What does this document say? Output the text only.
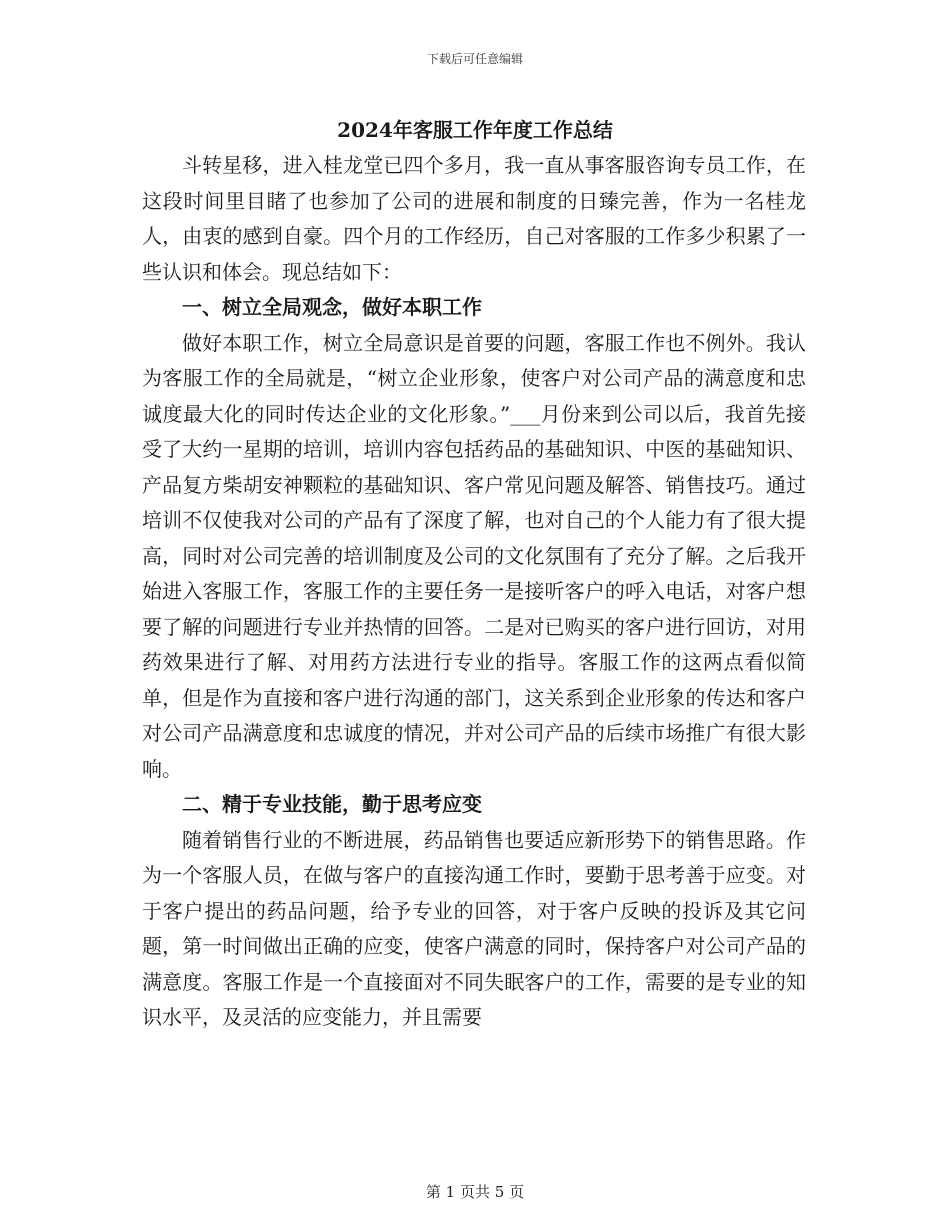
下载后可任意编辑
2024年客服工作年度工作总结

斗转星移，进入桂龙堂已四个多月，我一直从事客服咨询专员工作，在这段时间里目睹了也参加了公司的进展和制度的日臻完善，作为一名桂龙人，由衷的感到自豪。四个月的工作经历，自己对客服的工作多少积累了一些认识和体会。现总结如下：

一、树立全局观念，做好本职工作

做好本职工作，树立全局意识是首要的问题，客服工作也不例外。我认为客服工作的全局就是，“树立企业形象，使客户对公司产品的满意度和忠诚度最大化的同时传达企业的文化形象。”___月份来到公司以后，我首先接受了大约一星期的培训，培训内容包括药品的基础知识、中医的基础知识、产品复方柴胡安神颗粒的基础知识、客户常见问题及解答、销售技巧。通过培训不仅使我对公司的产品有了深度了解，也对自己的个人能力有了很大提高，同时对公司完善的培训制度及公司的文化氛围有了充分了解。之后我开始进入客服工作，客服工作的主要任务一是接听客户的呼入电话，对客户想要了解的问题进行专业并热情的回答。二是对已购买的客户进行回访，对用药效果进行了解、对用药方法进行专业的指导。客服工作的这两点看似简单，但是作为直接和客户进行沟通的部门，这关系到企业形象的传达和客户对公司产品满意度和忠诚度的情况，并对公司产品的后续市场推广有很大影响。

二、精于专业技能，勤于思考应变

随着销售行业的不断进展，药品销售也要适应新形势下的销售思路。作为一个客服人员，在做与客户的直接沟通工作时，要勤于思考善于应变。对于客户提出的药品问题，给予专业的回答，对于客户反映的投诉及其它问题，第一时间做出正确的应变，使客户满意的同时，保持客户对公司产品的满意度。客服工作是一个直接面对不同失眠客户的工作，需要的是专业的知识水平，及灵活的应变能力，并且需要

第 1 页共 5 页
